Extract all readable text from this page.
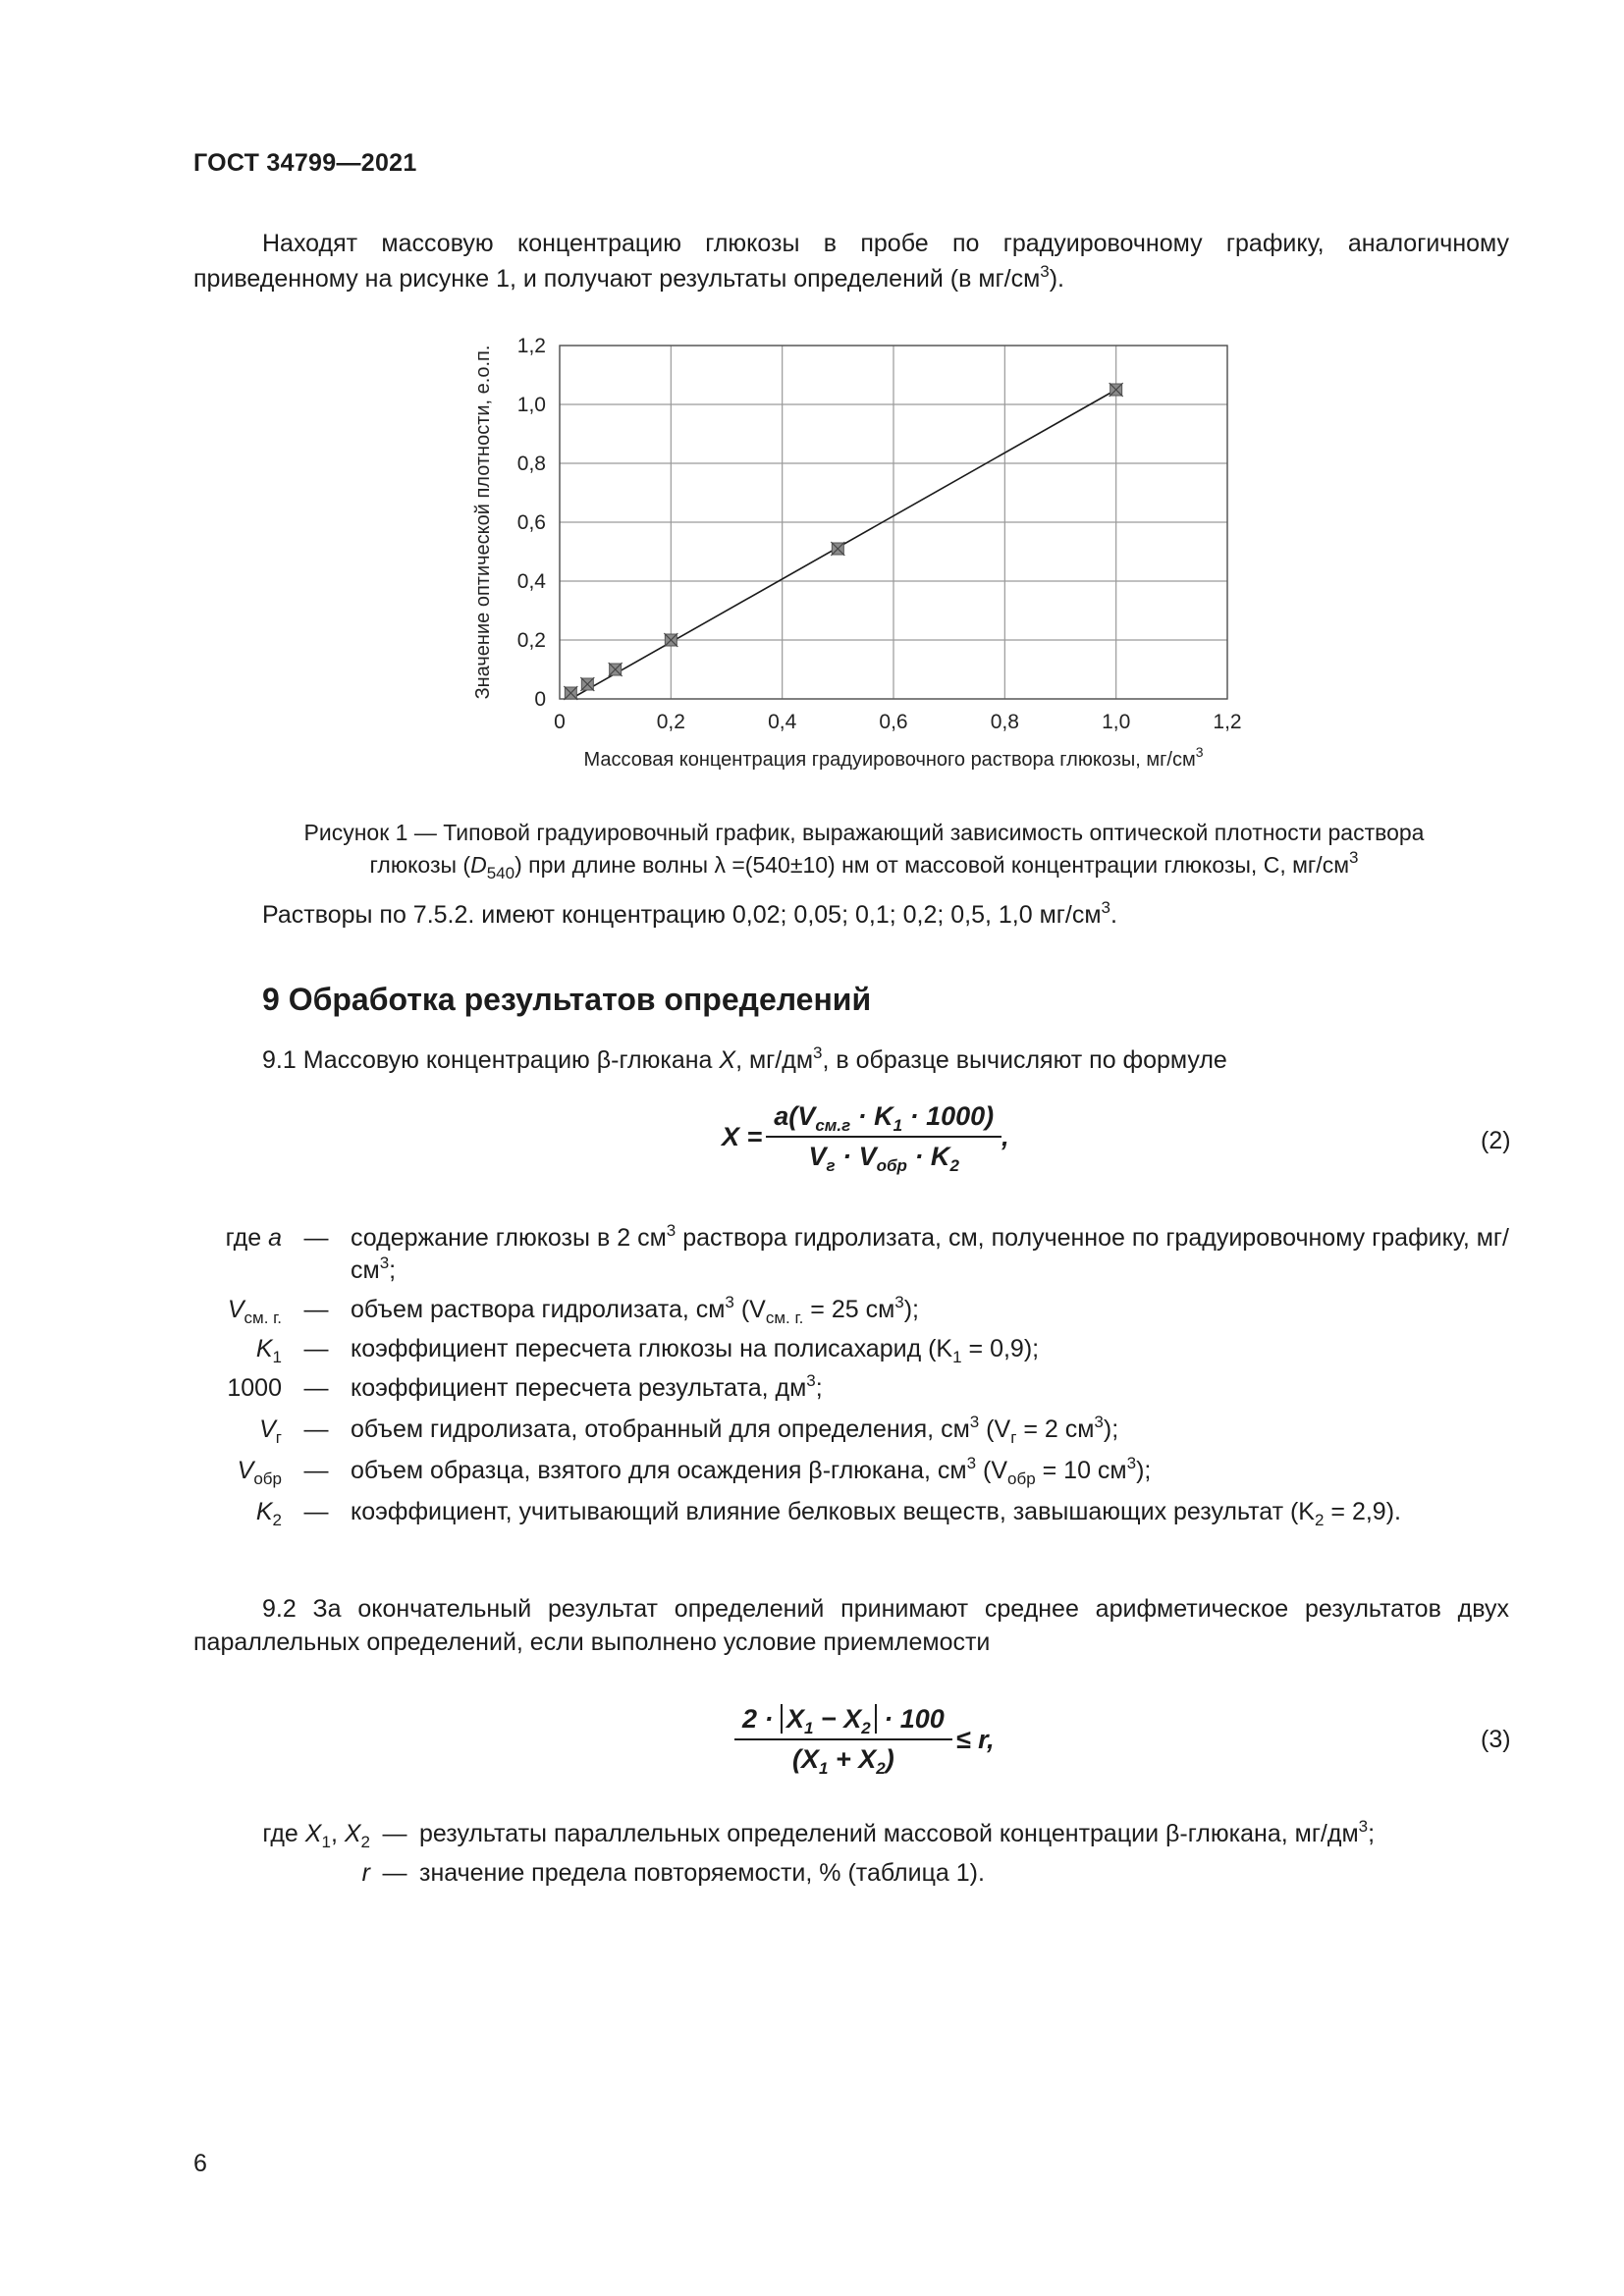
ГОСТ 34799—2021
Находят массовую концентрацию глюкозы в пробе по градуировочному графику, аналогичному приведенному на рисунке 1, и получают результаты определений (в $мг/см^3$).
0	0,2	0,4	0,6	0,8	1,0	1,2
0
0,2
0,4
0,6
0,8
1,0
1,2
Значение оптической плотности, е.о.п.
Массовая концентрация градуировочного раствора глюкозы, $мг/см^3$
Рисунок 1 — Типовой градуировочный график, выражающий зависимость оптической плотности раствора
глюкозы $(D_{540})$ при длине волны λ =(540±10) нм от массовой концентрации глюкозы, С, $мг/см^3$
Растворы по 7.5.2. имеют концентрацию 0,02; 0,05; 0,1; 0,2; 0,5, 1,0 $мг/см^3$.
9 Обработка результатов определений
9.1 Массовую концентрацию β-глюкана X, $мг/дм^3$, в образце вычисляют по формуле
X =
$a(V_{см.г} \cdot K_1 \cdot 1000)$
$V_г \cdot V_{обр} \cdot K_2$
,	(2)
где a — содержание глюкозы в 2 $см^3$ раствора гидролизата, см, полученное по градуировочному графику, $мг/см^3$;
$V_{см. г.}$ — объем раствора гидролизата, $см^3$ ($V_{см. г.} = 25$ $см^3$);
$K_1$ — коэффициент пересчета глюкозы на полисахарид $(K_1 = 0,9)$;
1000 — коэффициент пересчета результата, $дм^3$;
$V_г$ — объем гидролизата, отобранный для определения, $см^3$ ($V_г = 2$ $см^3$);
$V_{обр}$ — объем образца, взятого для осаждения β-глюкана, $см^3$ ($V_{обр} = 10$ $см^3$);
$K_2$ — коэффициент, учитывающий влияние белковых веществ, завышающих результат $(K_2 = 2,9)$.
9.2 За окончательный результат определений принимают среднее арифметическое результатов двух параллельных определений, если выполнено условие приемлемости
$\frac{2 \cdot X_1 - X_2 \cdot 100}{(X_1 + X_2)} \le r$,	(3)
где $X_1$, $X_2$ — результаты параллельных определений массовой концентрации β-глюкана, $мг/дм^3$;
r — значение предела повторяемости, % (таблица 1).
6
